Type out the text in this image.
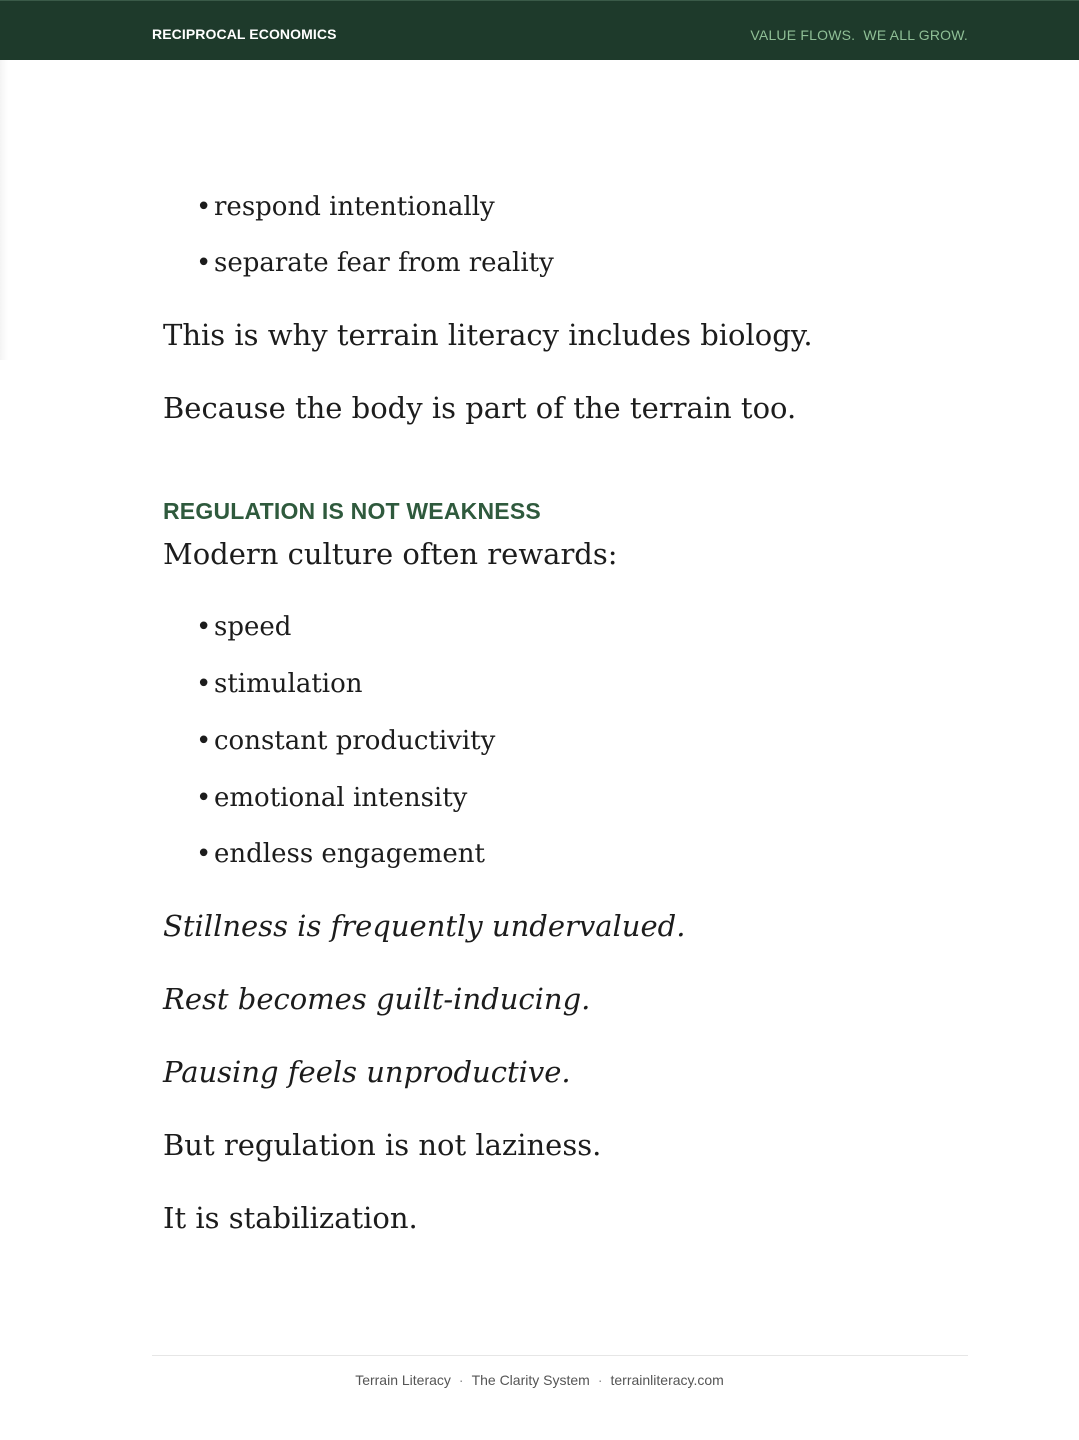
RECIPROCAL ECONOMICS	VALUE FLOWS.  WE ALL GROW.
• respond intentionally
• separate fear from reality
This is why terrain literacy includes biology.
Because the body is part of the terrain too.
REGULATION IS NOT WEAKNESS
Modern culture often rewards:
• speed
• stimulation
• constant productivity
• emotional intensity
• endless engagement
Stillness is frequently undervalued.
Rest becomes guilt-inducing.
Pausing feels unproductive.
But regulation is not laziness.
It is stabilization.
Terrain Literacy · The Clarity System · terrainliteracy.com
